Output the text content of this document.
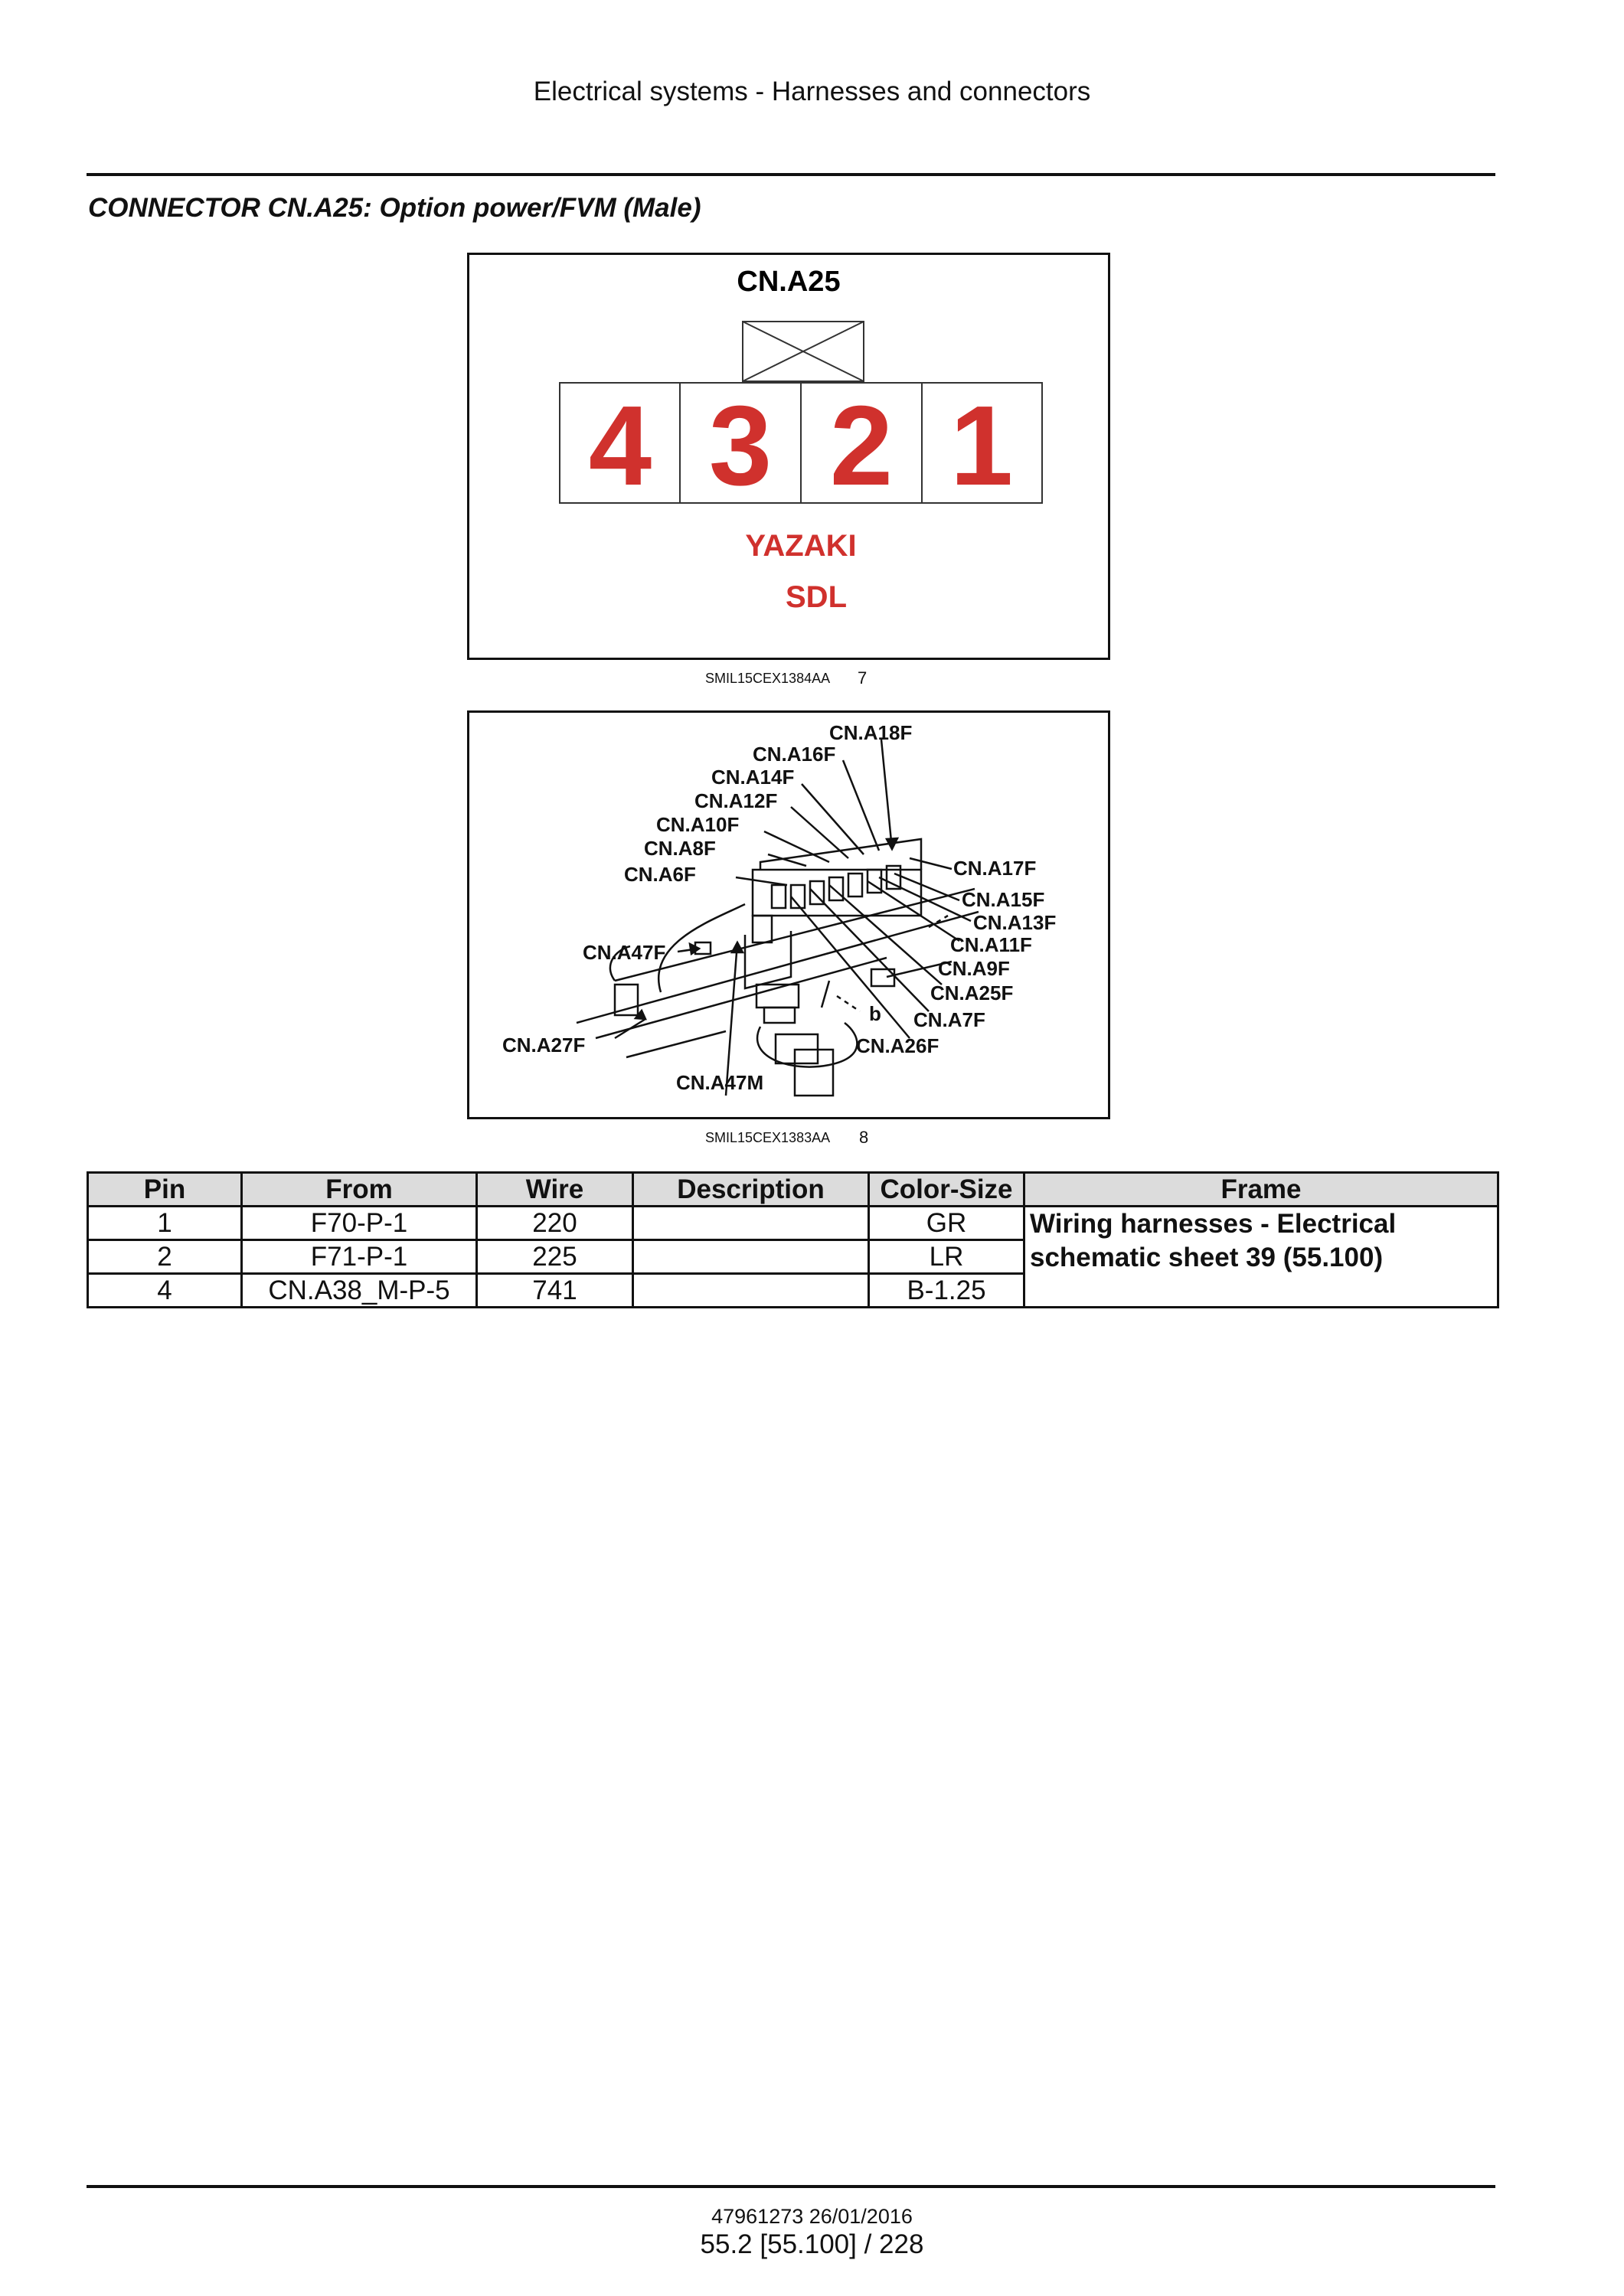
Electrical systems - Harnesses and connectors
CONNECTOR CN.A25: Option power/FVM (Male)
CN.A25
4 3 2 1
YAZAKI
SDL
SMIL15CEX1384AA 7
CN.A18F
CN.A16F
CN.A14F
CN.A12F
CN.A10F
CN.A8F
CN.A6F	CN.A17F
CN.A15F
CN.A13F
CN.A11F
CN.A9F
CN.A25F
CN.A7F
CN.A26F
CN.A47F
CN.A27F
CN.A47M
b
SMIL15CEX1383AA 8
Pin	From	Wire	Description	Color-Size	Frame
1	F70-P-1	220		GR	Wiring harnesses - Electrical
schematic sheet 39 (55.100)

2	F71-P-1	225		LR	
4	CN.A38_M-P-5	741		B-1.25	
47961273 26/01/2016
55.2 [55.100] / 228
